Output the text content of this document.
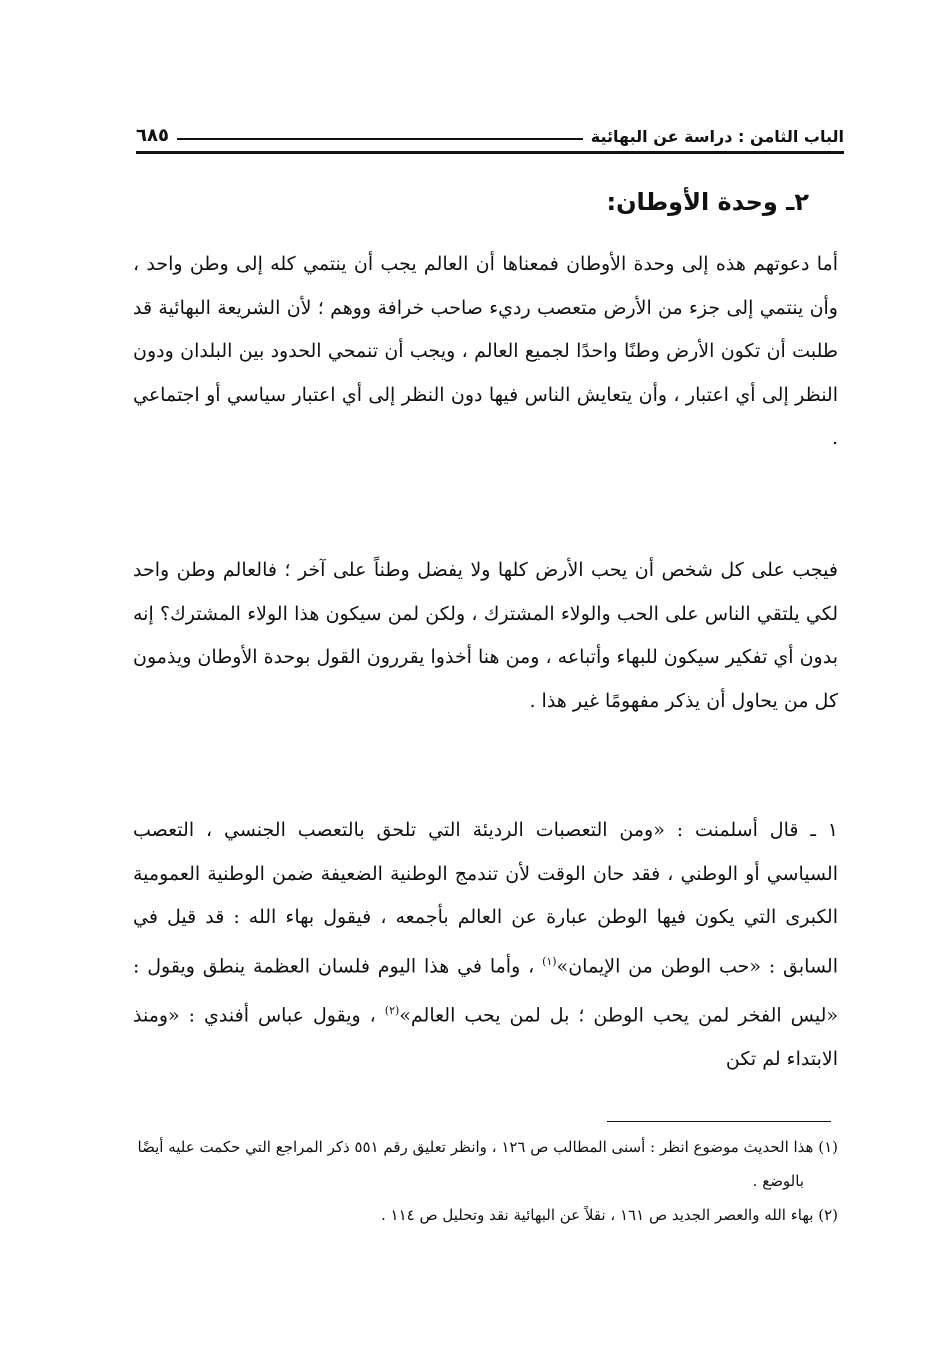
الباب الثامن : دراسة عن البهائية
٦٨٥
٢ـ وحدة الأوطان:

أما دعوتهم هذه إلى وحدة الأوطان فمعناها أن العالم يجب أن ينتمي كله إلى وطن واحد ، وأن ينتمي إلى جزء من الأرض متعصب رديء صاحب خرافة ووهم ؛ لأن الشريعة البهائية قد طلبت أن تكون الأرض وطنًا واحدًا لجميع العالم ، ويجب أن تنمحي الحدود بين البلدان ودون النظر إلى أي اعتبار ، وأن يتعايش الناس فيها دون النظر إلى أي اعتبار سياسي أو اجتماعي .

فيجب على كل شخص أن يحب الأرض كلها ولا يفضل وطناً على آخر ؛ فالعالم وطن واحد لكي يلتقي الناس على الحب والولاء المشترك ، ولكن لمن سيكون هذا الولاء المشترك؟ إنه بدون أي تفكير سيكون للبهاء وأتباعه ، ومن هنا أخذوا يقررون القول بوحدة الأوطان ويذمون كل من يحاول أن يذكر مفهومًا غير هذا .

١ ـ قال أسلمنت : «ومن التعصبات الرديئة التي تلحق بالتعصب الجنسي ، التعصب السياسي أو الوطني ، فقد حان الوقت لأن تندمج الوطنية الضعيفة ضمن الوطنية العمومية الكبرى التي يكون فيها الوطن عبارة عن العالم بأجمعه ، فيقول بهاء الله : قد قيل في السابق : «حب الوطن من الإيمان»$^{(١)}$ ، وأما في هذا اليوم فلسان العظمة ينطق ويقول : «ليس الفخر لمن يحب الوطن ؛ بل لمن يحب العالم»$^{(٢)}$ ، ويقول عباس أفندي : «ومنذ الابتداء لم تكن

(١) هذا الحديث موضوع انظر : أسنى المطالب ص ١٢٦ ، وانظر تعليق رقم ٥٥١ ذكر المراجع التي حكمت عليه أيضًا بالوضع .

(٢) بهاء الله والعصر الجديد ص ١٦١ ، نقلاً عن البهائية نقد وتحليل ص ١١٤ .
